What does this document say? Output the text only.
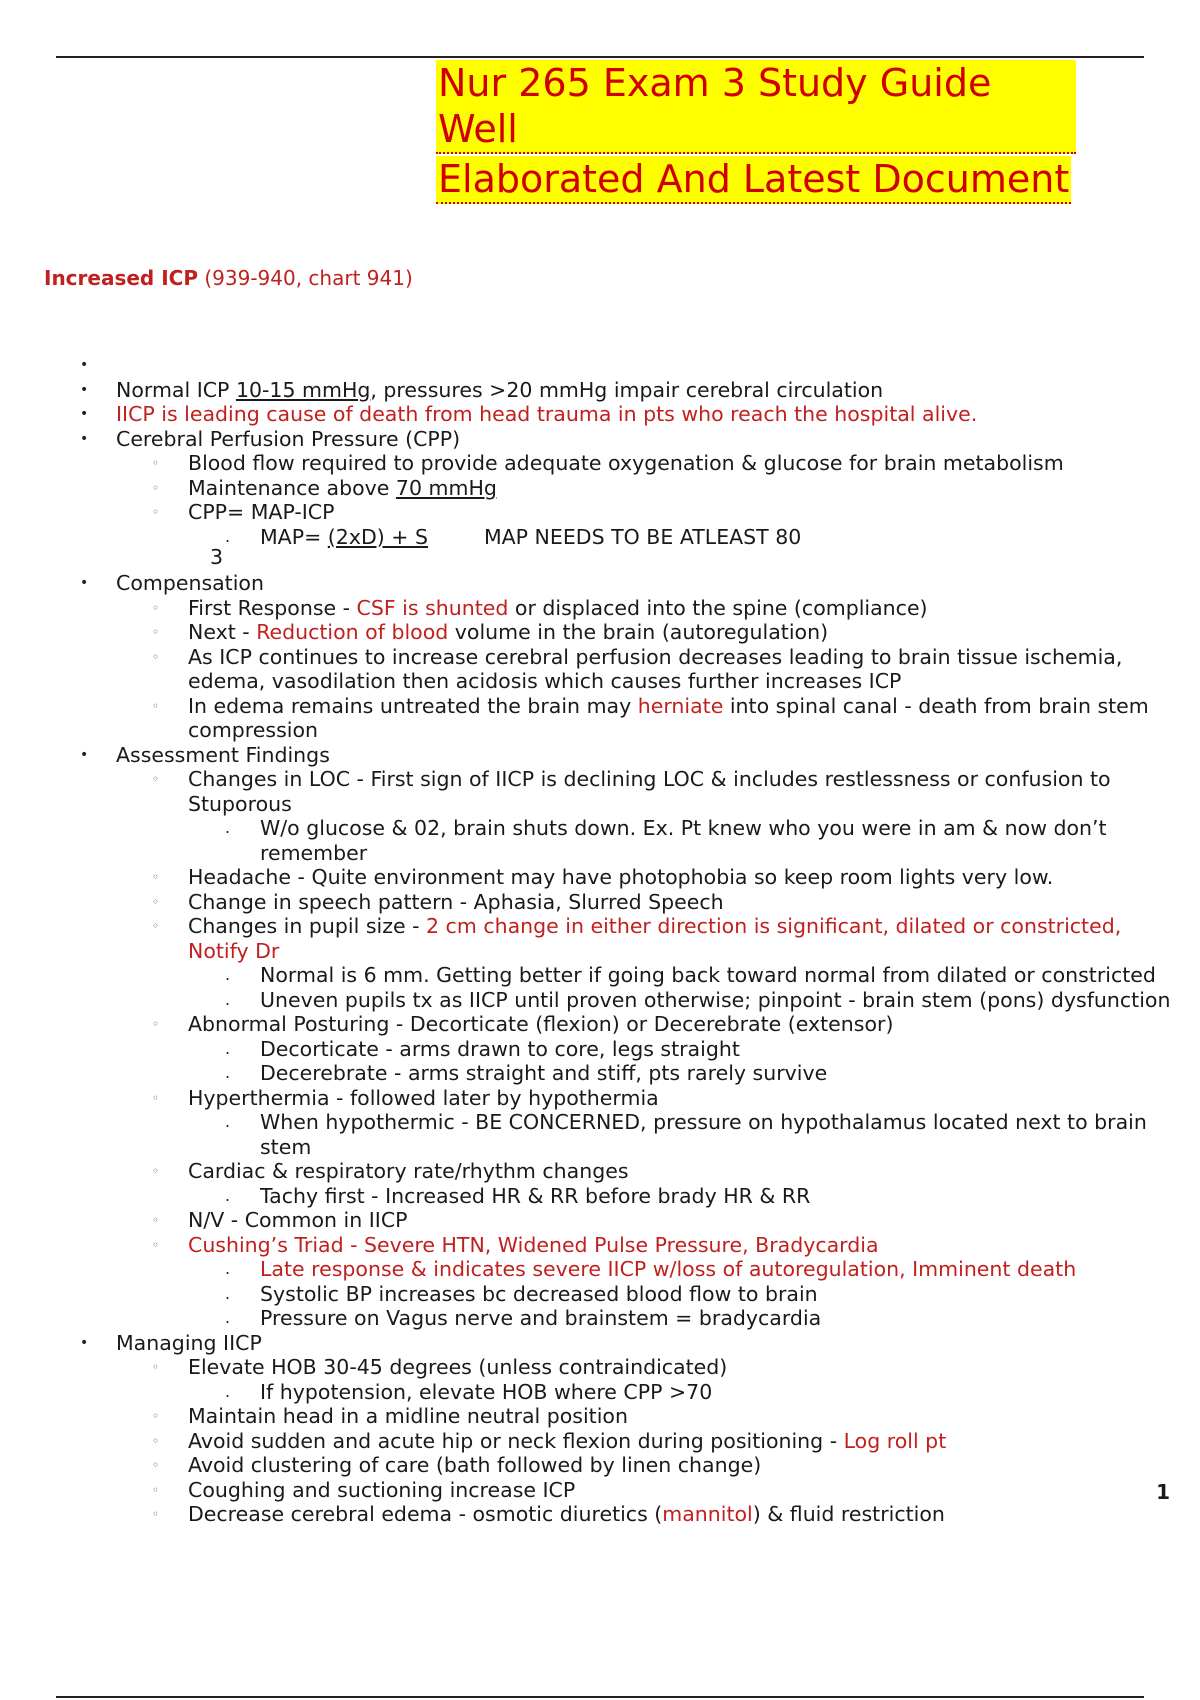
Nur 265 Exam 3 Study Guide Well
Elaborated And Latest Document
Increased ICP (939-940, chart 941)
•

• Normal ICP 10-15 mmHg, pressures >20 mmHg impair cerebral circulation
• IICP is leading cause of death from head trauma in pts who reach the hospital alive.
• Cerebral Perfusion Pressure (CPP)
◦ Blood flow required to provide adequate oxygenation & glucose for brain metabolism
◦ Maintenance above 70 mmHg
◦ CPP= MAP-ICP
. MAP= (2xD) + S
3
MAP NEEDS TO BE ATLEAST 80
• Compensation
◦ First Response - CSF is shunted or displaced into the spine (compliance)
◦ Next - Reduction of blood volume in the brain (autoregulation)
◦ As ICP continues to increase cerebral perfusion decreases leading to brain tissue ischemia, edema, vasodilation then acidosis which causes further increases ICP
◦ In edema remains untreated the brain may herniate into spinal canal - death from brain stem compression
• Assessment Findings
◦ Changes in LOC - First sign of IICP is declining LOC & includes restlessness or confusion to Stuporous
. W/o glucose & 02, brain shuts down. Ex. Pt knew who you were in am & now don’t remember
◦ Headache - Quite environment may have photophobia so keep room lights very low.
◦ Change in speech pattern - Aphasia, Slurred Speech
◦ Changes in pupil size - 2 cm change in either direction is significant, dilated or constricted, Notify Dr
. Normal is 6 mm. Getting better if going back toward normal from dilated or constricted
. Uneven pupils tx as IICP until proven otherwise; pinpoint - brain stem (pons) dysfunction
◦ Abnormal Posturing - Decorticate (flexion) or Decerebrate (extensor)
. Decorticate - arms drawn to core, legs straight
. Decerebrate - arms straight and stiff, pts rarely survive
◦ Hyperthermia - followed later by hypothermia
. When hypothermic - BE CONCERNED, pressure on hypothalamus located next to brain stem
◦ Cardiac & respiratory rate/rhythm changes
. Tachy first - Increased HR & RR before brady HR & RR
◦ N/V - Common in IICP
◦ Cushing’s Triad - Severe HTN, Widened Pulse Pressure, Bradycardia
. Late response & indicates severe IICP w/loss of autoregulation, Imminent death
. Systolic BP increases bc decreased blood flow to brain
. Pressure on Vagus nerve and brainstem = bradycardia
• Managing IICP
◦ Elevate HOB 30-45 degrees (unless contraindicated)
. If hypotension, elevate HOB where CPP >70
◦ Maintain head in a midline neutral position
◦ Avoid sudden and acute hip or neck flexion during positioning - Log roll pt
◦ Avoid clustering of care (bath followed by linen change)
◦ Coughing and suctioning increase ICP
◦ Decrease cerebral edema - osmotic diuretics (mannitol) & fluid restriction
1
